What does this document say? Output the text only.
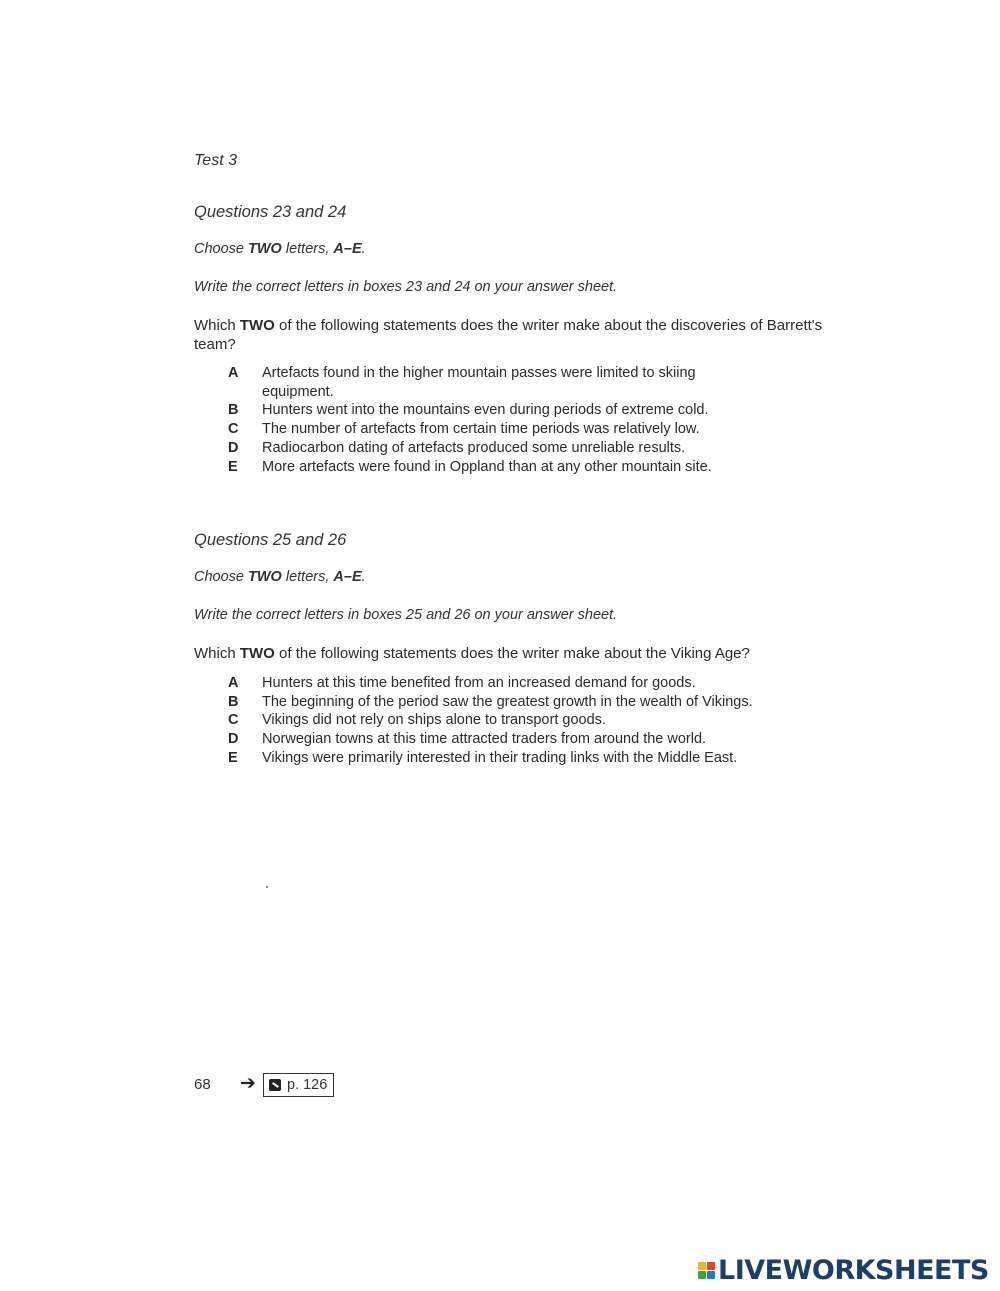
Test 3
Questions 23 and 24
Choose TWO letters, A–E.
Write the correct letters in boxes 23 and 24 on your answer sheet.
Which TWO of the following statements does the writer make about the discoveries of Barrett's team?
A	Artefacts found in the higher mountain passes were limited to skiing equipment.
B	Hunters went into the mountains even during periods of extreme cold.
C	The number of artefacts from certain time periods was relatively low.
D	Radiocarbon dating of artefacts produced some unreliable results.
E	More artefacts were found in Oppland than at any other mountain site.
Questions 25 and 26
Choose TWO letters, A–E.
Write the correct letters in boxes 25 and 26 on your answer sheet.
Which TWO of the following statements does the writer make about the Viking Age?
A	Hunters at this time benefited from an increased demand for goods.
B	The beginning of the period saw the greatest growth in the wealth of Vikings.
C	Vikings did not rely on ships alone to transport goods.
D	Norwegian towns at this time attracted traders from around the world.
E	Vikings were primarily interested in their trading links with the Middle East.
68 ➔ p. 126
LIVEWORKSHEETS
